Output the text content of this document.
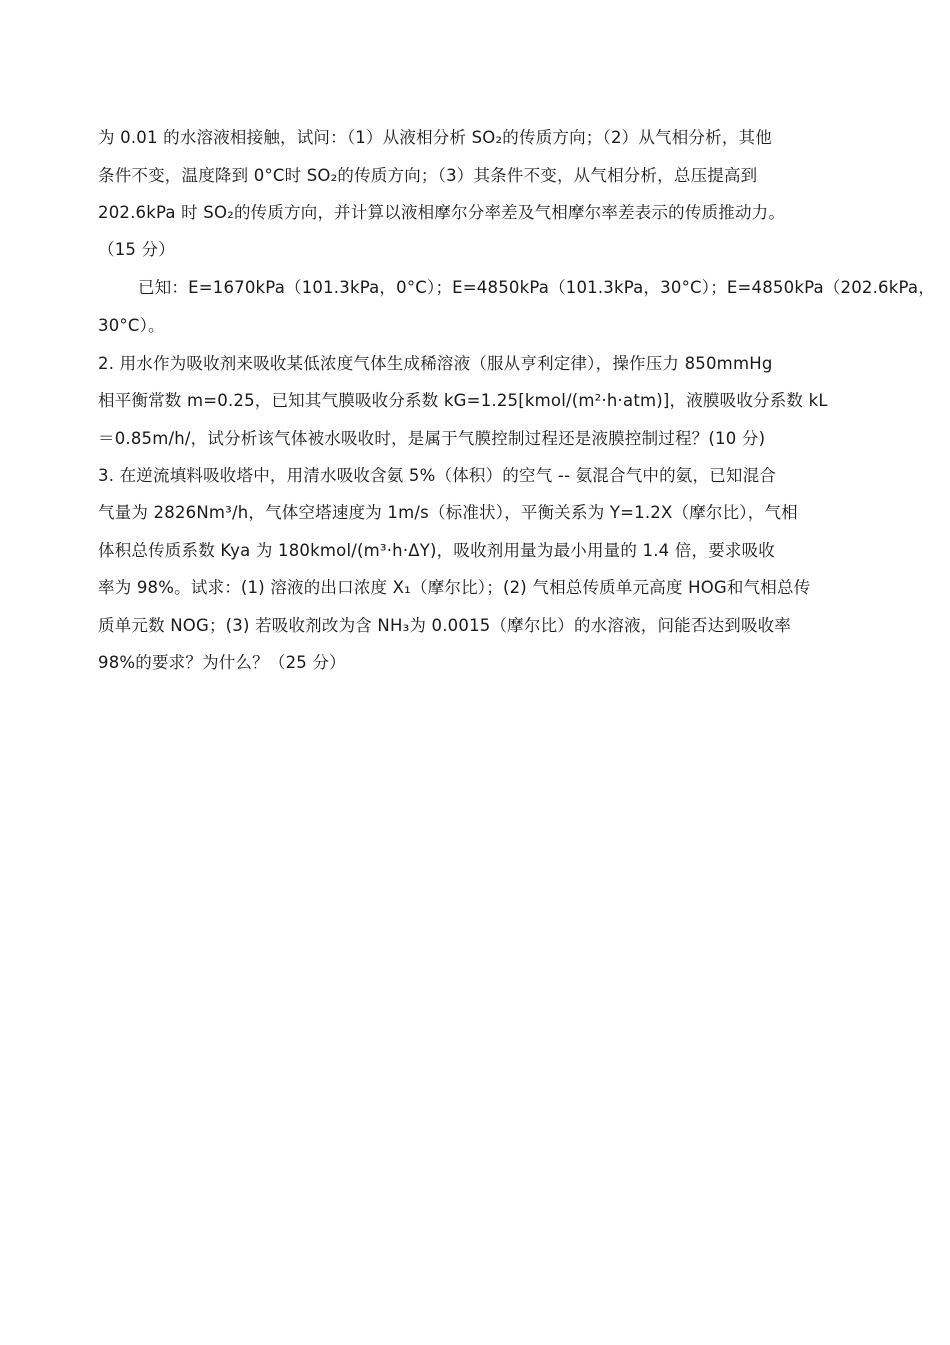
为 0.01 的水溶液相接触，试问：（1）从液相分析 SO₂的传质方向；（2）从气相分析，其他
条件不变，温度降到 0°C时 SO₂的传质方向；（3）其条件不变，从气相分析，总压提高到
202.6kPa 时 SO₂的传质方向，并计算以液相摩尔分率差及气相摩尔率差表示的传质推动力。
（15 分）
已知：E=1670kPa（101.3kPa，0°C）；E=4850kPa（101.3kPa，30°C）；E=4850kPa（202.6kPa，
30°C）。
2. 用水作为吸收剂来吸收某低浓度气体生成稀溶液（服从亨利定律），操作压力 850mmHg
相平衡常数 m=0.25，已知其气膜吸收分系数 kG=1.25[kmol/(m²·h·atm)]，液膜吸收分系数 kL
＝0.85m/h/，试分析该气体被水吸收时，是属于气膜控制过程还是液膜控制过程？(10 分)
3. 在逆流填料吸收塔中，用清水吸收含氨 5%（体积）的空气 -- 氨混合气中的氨，已知混合
气量为 2826Nm³/h，气体空塔速度为 1m/s（标准状），平衡关系为 Y=1.2X（摩尔比），气相
体积总传质系数 Kya 为 180kmol/(m³·h·ΔY)，吸收剂用量为最小用量的 1.4 倍，要求吸收
率为 98%。试求：(1) 溶液的出口浓度 X₁（摩尔比）；(2) 气相总传质单元高度 HOG和气相总传
质单元数 NOG；(3) 若吸收剂改为含 NH₃为 0.0015（摩尔比）的水溶液，问能否达到吸收率
98%的要求？为什么？（25 分）
